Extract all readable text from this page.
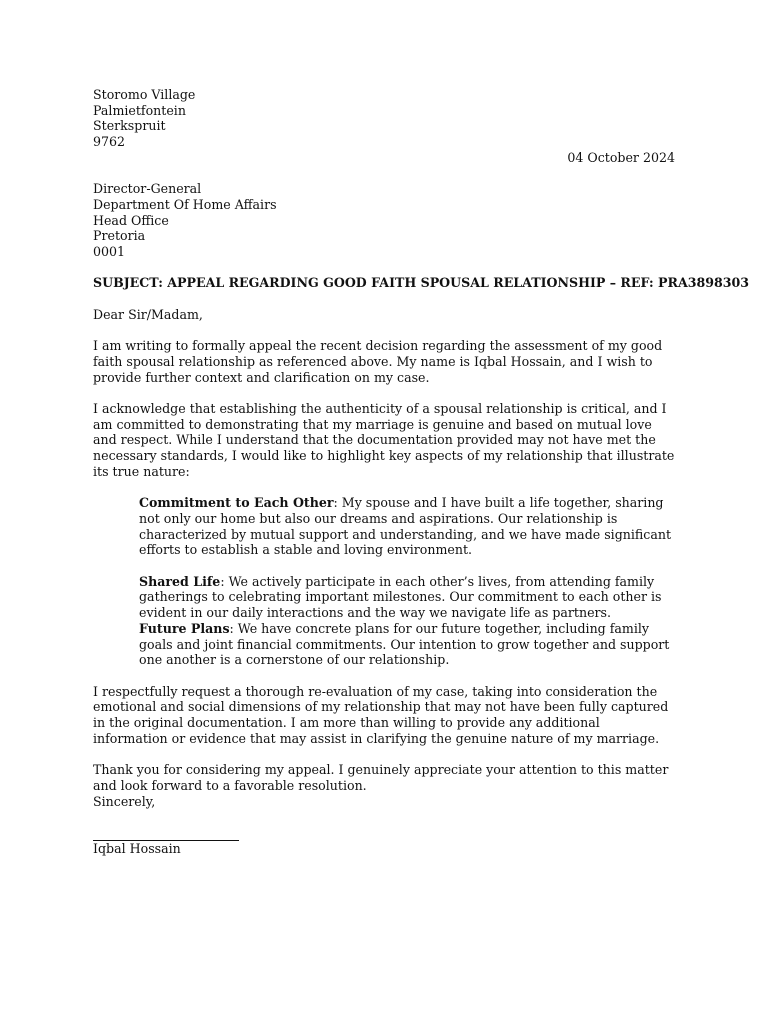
Storomo Village
Palmietfontein
Sterkspruit
9762
04 October 2024
Director-General
Department Of Home Affairs
Head Office
Pretoria
0001
SUBJECT: APPEAL REGARDING GOOD FAITH SPOUSAL RELATIONSHIP – REF: PRA3898303

Dear Sir/Madam,

I am writing to formally appeal the recent decision regarding the assessment of my good faith spousal relationship as referenced above. My name is Iqbal Hossain, and I wish to provide further context and clarification on my case.

I acknowledge that establishing the authenticity of a spousal relationship is critical, and I am committed to demonstrating that my marriage is genuine and based on mutual love and respect. While I understand that the documentation provided may not have met the necessary standards, I would like to highlight key aspects of my relationship that illustrate its true nature:

Commitment to Each Other: My spouse and I have built a life together, sharing not only our home but also our dreams and aspirations. Our relationship is characterized by mutual support and understanding, and we have made significant efforts to establish a stable and loving environment.

Shared Life: We actively participate in each other’s lives, from attending family gatherings to celebrating important milestones. Our commitment to each other is evident in our daily interactions and the way we navigate life as partners.

Future Plans: We have concrete plans for our future together, including family goals and joint financial commitments. Our intention to grow together and support one another is a cornerstone of our relationship.

I respectfully request a thorough re-evaluation of my case, taking into consideration the emotional and social dimensions of my relationship that may not have been fully captured in the original documentation. I am more than willing to provide any additional information or evidence that may assist in clarifying the genuine nature of my marriage.

Thank you for considering my appeal. I genuinely appreciate your attention to this matter and look forward to a favorable resolution.

Sincerely,

Iqbal Hossain
